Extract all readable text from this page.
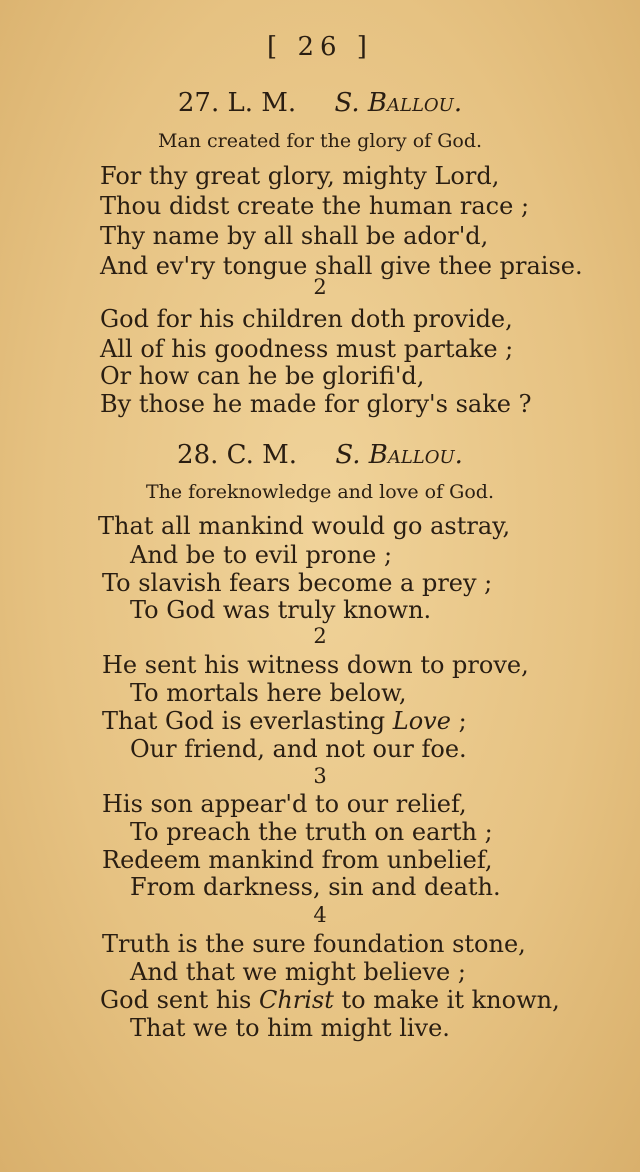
[ 26 ]
27. L. M. S. Ballou.
Man created for the glory of God.
For thy great glory, mighty Lord,
Thou didst create the human race ;
Thy name by all shall be ador'd,
And ev'ry tongue shall give thee praise.
2
God for his children doth provide,
All of his goodness must partake ;
Or how can he be glorifi'd,
By those he made for glory's sake ?
28. C. M. S. Ballou.
The foreknowledge and love of God.
That all mankind would go astray,
And be to evil prone ;
To slavish fears become a prey ;
To God was truly known.
2
He sent his witness down to prove,
To mortals here below,
That God is everlasting Love ;
Our friend, and not our foe.
3
His son appear'd to our relief,
To preach the truth on earth ;
Redeem mankind from unbelief,
From darkness, sin and death.
4
Truth is the sure foundation stone,
And that we might believe ;
God sent his Christ to make it known,
That we to him might live.
